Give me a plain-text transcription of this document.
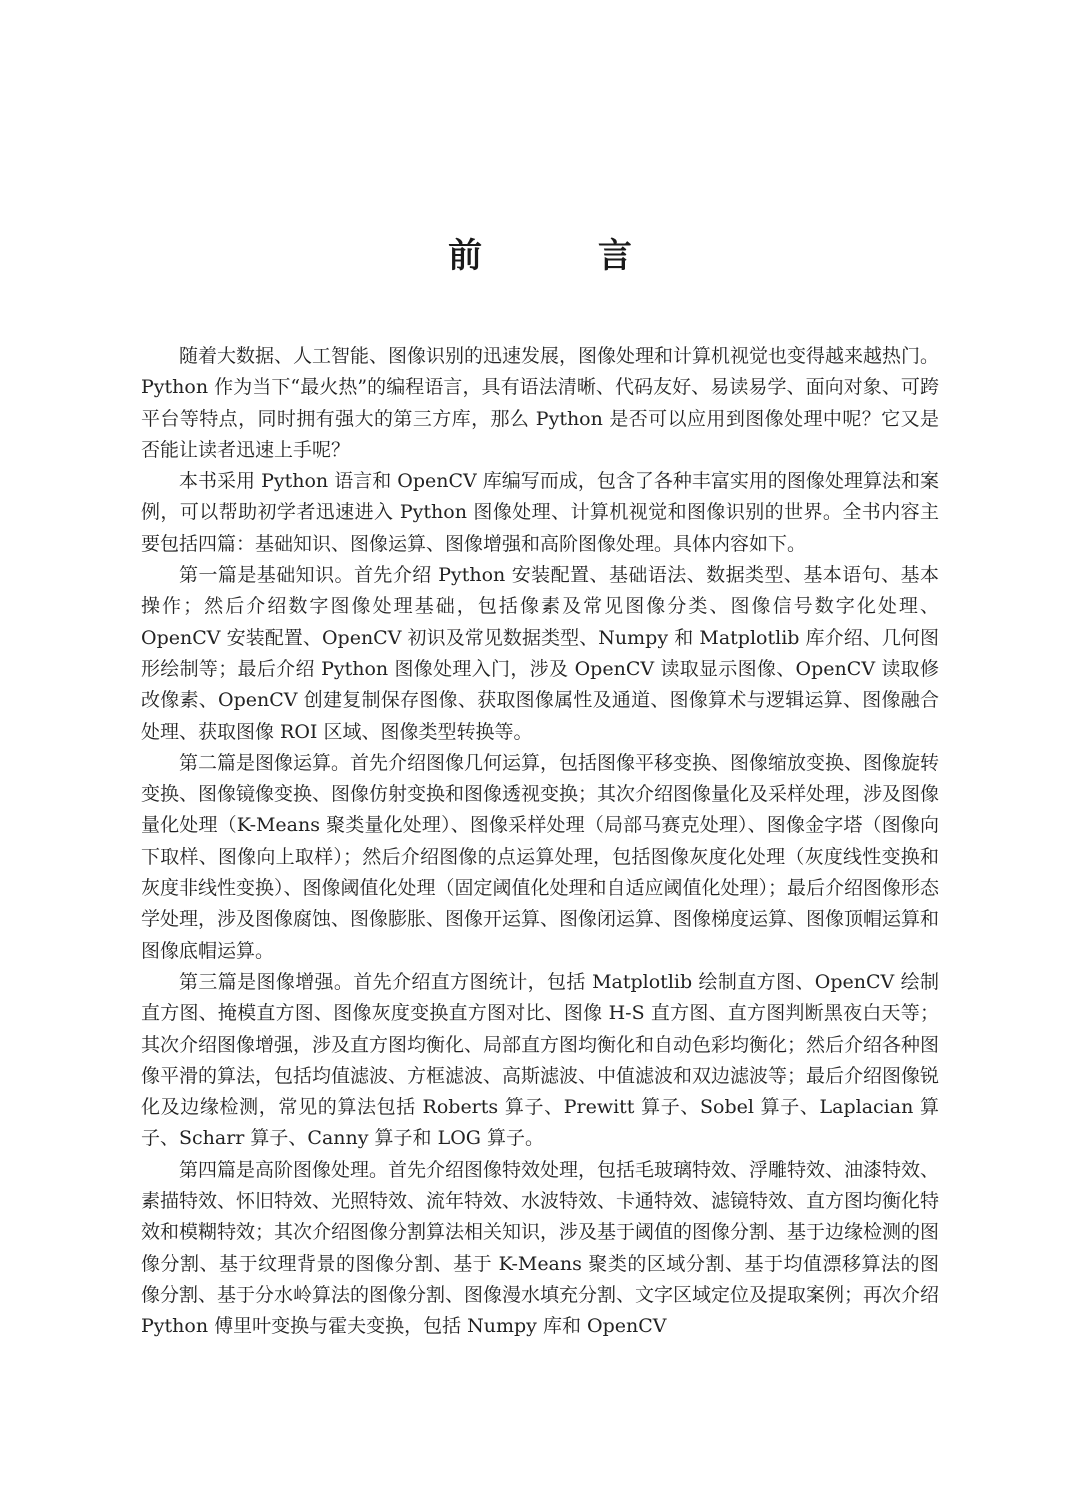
前 言

随着大数据、人工智能、图像识别的迅速发展，图像处理和计算机视觉也变得越来越热门。Python 作为当下“最火热”的编程语言，具有语法清晰、代码友好、易读易学、面向对象、可跨平台等特点，同时拥有强大的第三方库，那么 Python 是否可以应用到图像处理中呢？它又是否能让读者迅速上手呢？

本书采用 Python 语言和 OpenCV 库编写而成，包含了各种丰富实用的图像处理算法和案例，可以帮助初学者迅速进入 Python 图像处理、计算机视觉和图像识别的世界。全书内容主要包括四篇：基础知识、图像运算、图像增强和高阶图像处理。具体内容如下。

第一篇是基础知识。首先介绍 Python 安装配置、基础语法、数据类型、基本语句、基本操作；然后介绍数字图像处理基础，包括像素及常见图像分类、图像信号数字化处理、OpenCV 安装配置、OpenCV 初识及常见数据类型、Numpy 和 Matplotlib 库介绍、几何图形绘制等；最后介绍 Python 图像处理入门，涉及 OpenCV 读取显示图像、OpenCV 读取修改像素、OpenCV 创建复制保存图像、获取图像属性及通道、图像算术与逻辑运算、图像融合处理、获取图像 ROI 区域、图像类型转换等。

第二篇是图像运算。首先介绍图像几何运算，包括图像平移变换、图像缩放变换、图像旋转变换、图像镜像变换、图像仿射变换和图像透视变换；其次介绍图像量化及采样处理，涉及图像量化处理（K-Means 聚类量化处理）、图像采样处理（局部马赛克处理）、图像金字塔（图像向下取样、图像向上取样）；然后介绍图像的点运算处理，包括图像灰度化处理（灰度线性变换和灰度非线性变换）、图像阈值化处理（固定阈值化处理和自适应阈值化处理）；最后介绍图像形态学处理，涉及图像腐蚀、图像膨胀、图像开运算、图像闭运算、图像梯度运算、图像顶帽运算和图像底帽运算。

第三篇是图像增强。首先介绍直方图统计，包括 Matplotlib 绘制直方图、OpenCV 绘制直方图、掩模直方图、图像灰度变换直方图对比、图像 H-S 直方图、直方图判断黑夜白天等；其次介绍图像增强，涉及直方图均衡化、局部直方图均衡化和自动色彩均衡化；然后介绍各种图像平滑的算法，包括均值滤波、方框滤波、高斯滤波、中值滤波和双边滤波等；最后介绍图像锐化及边缘检测，常见的算法包括 Roberts 算子、Prewitt 算子、Sobel 算子、Laplacian 算子、Scharr 算子、Canny 算子和 LOG 算子。

第四篇是高阶图像处理。首先介绍图像特效处理，包括毛玻璃特效、浮雕特效、油漆特效、素描特效、怀旧特效、光照特效、流年特效、水波特效、卡通特效、滤镜特效、直方图均衡化特效和模糊特效；其次介绍图像分割算法相关知识，涉及基于阈值的图像分割、基于边缘检测的图像分割、基于纹理背景的图像分割、基于 K-Means 聚类的区域分割、基于均值漂移算法的图像分割、基于分水岭算法的图像分割、图像漫水填充分割、文字区域定位及提取案例；再次介绍 Python 傅里叶变换与霍夫变换，包括 Numpy 库和 OpenCV
